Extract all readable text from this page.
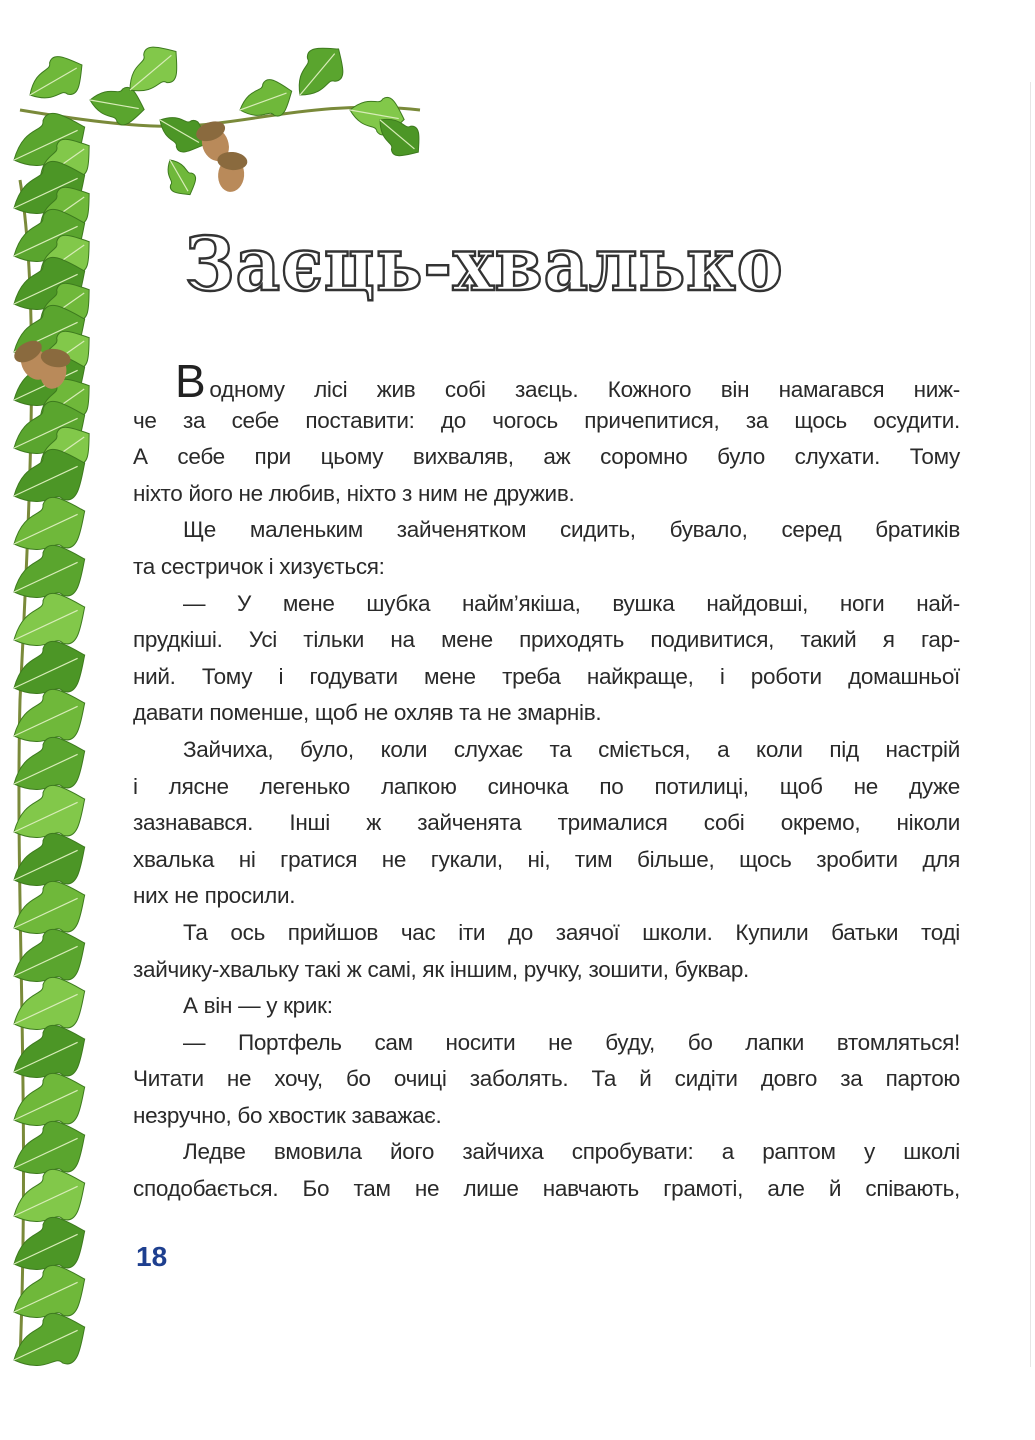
Заєць-хвалько
Водному лісі жив собі заєць. Кожного він намагався ниж-
че за себе поставити: до чогось причепитися, за щось осудити.
А себе при цьому вихваляв, аж соромно було слухати. Тому
ніхто його не любив, ніхто з ним не дружив.
Ще маленьким зайченятком сидить, бувало, серед братиків
та сестричок і хизується:
— У мене шубка найм’якіша, вушка найдовші, ноги най-
прудкіші. Усі тільки на мене приходять подивитися, такий я гар-
ний. Тому і годувати мене треба найкраще, і роботи домашньої
давати поменше, щоб не охляв та не змарнів.
Зайчиха, було, коли слухає та сміється, а коли під настрій
і лясне легенько лапкою синочка по потилиці, щоб не дуже
зазнавався. Інші ж зайченята трималися собі окремо, ніколи
хвалька ні гратися не гукали, ні, тим більше, щось зробити для
них не просили.
Та ось прийшов час іти до заячої школи. Купили батьки тоді
зайчику-хвальку такі ж самі, як іншим, ручку, зошити, буквар.
А він — у крик:
— Портфель сам носити не буду, бо лапки втомляться!
Читати не хочу, бо очиці заболять. Та й сидіти довго за партою
незручно, бо хвостик заважає.
Ледве вмовила його зайчиха спробувати: а раптом у школі
сподобається. Бо там не лише навчають грамоті, але й співають,
18
